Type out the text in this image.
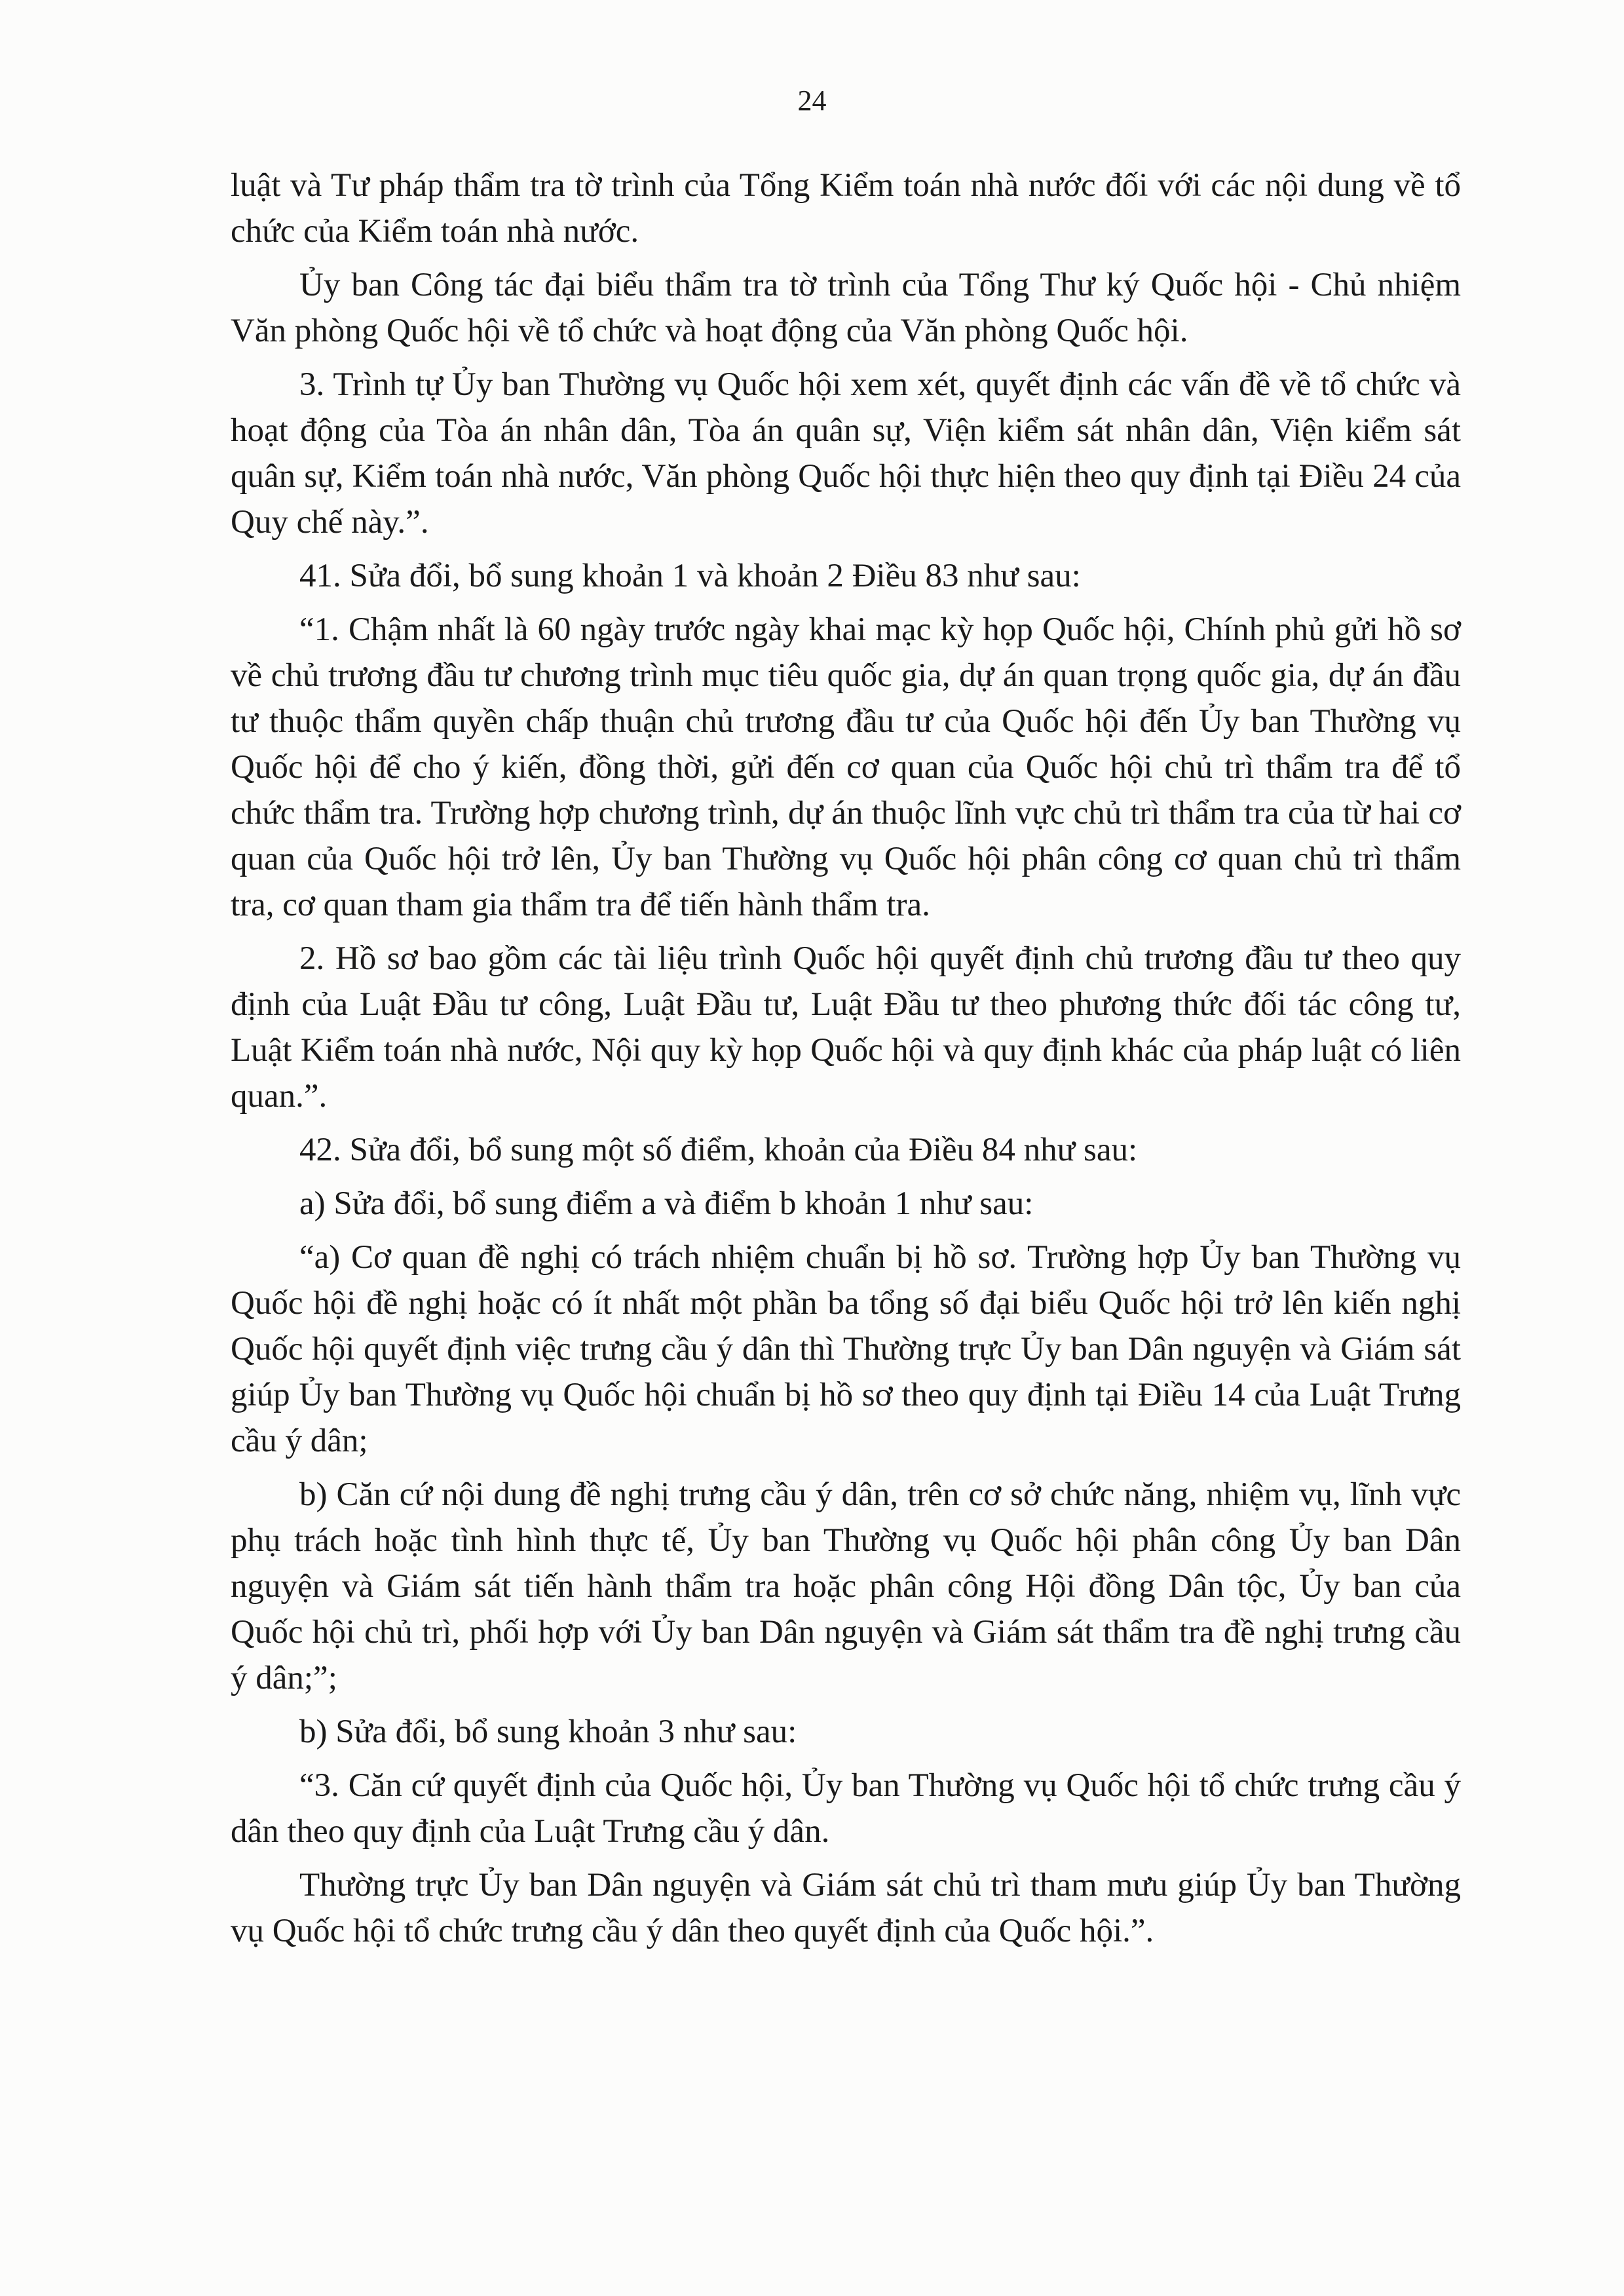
24

luật và Tư pháp thẩm tra tờ trình của Tổng Kiểm toán nhà nước đối với các nội dung về tổ chức của Kiểm toán nhà nước.

Ủy ban Công tác đại biểu thẩm tra tờ trình của Tổng Thư ký Quốc hội - Chủ nhiệm Văn phòng Quốc hội về tổ chức và hoạt động của Văn phòng Quốc hội.

3. Trình tự Ủy ban Thường vụ Quốc hội xem xét, quyết định các vấn đề về tổ chức và hoạt động của Tòa án nhân dân, Tòa án quân sự, Viện kiểm sát nhân dân, Viện kiểm sát quân sự, Kiểm toán nhà nước, Văn phòng Quốc hội thực hiện theo quy định tại Điều 24 của Quy chế này.”.

41. Sửa đổi, bổ sung khoản 1 và khoản 2 Điều 83 như sau:

“1. Chậm nhất là 60 ngày trước ngày khai mạc kỳ họp Quốc hội, Chính phủ gửi hồ sơ về chủ trương đầu tư chương trình mục tiêu quốc gia, dự án quan trọng quốc gia, dự án đầu tư thuộc thẩm quyền chấp thuận chủ trương đầu tư của Quốc hội đến Ủy ban Thường vụ Quốc hội để cho ý kiến, đồng thời, gửi đến cơ quan của Quốc hội chủ trì thẩm tra để tổ chức thẩm tra. Trường hợp chương trình, dự án thuộc lĩnh vực chủ trì thẩm tra của từ hai cơ quan của Quốc hội trở lên, Ủy ban Thường vụ Quốc hội phân công cơ quan chủ trì thẩm tra, cơ quan tham gia thẩm tra để tiến hành thẩm tra.

2. Hồ sơ bao gồm các tài liệu trình Quốc hội quyết định chủ trương đầu tư theo quy định của Luật Đầu tư công, Luật Đầu tư, Luật Đầu tư theo phương thức đối tác công tư, Luật Kiểm toán nhà nước, Nội quy kỳ họp Quốc hội và quy định khác của pháp luật có liên quan.”.

42. Sửa đổi, bổ sung một số điểm, khoản của Điều 84 như sau:

a) Sửa đổi, bổ sung điểm a và điểm b khoản 1 như sau:

“a) Cơ quan đề nghị có trách nhiệm chuẩn bị hồ sơ. Trường hợp Ủy ban Thường vụ Quốc hội đề nghị hoặc có ít nhất một phần ba tổng số đại biểu Quốc hội trở lên kiến nghị Quốc hội quyết định việc trưng cầu ý dân thì Thường trực Ủy ban Dân nguyện và Giám sát giúp Ủy ban Thường vụ Quốc hội chuẩn bị hồ sơ theo quy định tại Điều 14 của Luật Trưng cầu ý dân;

b) Căn cứ nội dung đề nghị trưng cầu ý dân, trên cơ sở chức năng, nhiệm vụ, lĩnh vực phụ trách hoặc tình hình thực tế, Ủy ban Thường vụ Quốc hội phân công Ủy ban Dân nguyện và Giám sát tiến hành thẩm tra hoặc phân công Hội đồng Dân tộc, Ủy ban của Quốc hội chủ trì, phối hợp với Ủy ban Dân nguyện và Giám sát thẩm tra đề nghị trưng cầu ý dân;”;

b) Sửa đổi, bổ sung khoản 3 như sau:

“3. Căn cứ quyết định của Quốc hội, Ủy ban Thường vụ Quốc hội tổ chức trưng cầu ý dân theo quy định của Luật Trưng cầu ý dân.

Thường trực Ủy ban Dân nguyện và Giám sát chủ trì tham mưu giúp Ủy ban Thường vụ Quốc hội tổ chức trưng cầu ý dân theo quyết định của Quốc hội.”.
